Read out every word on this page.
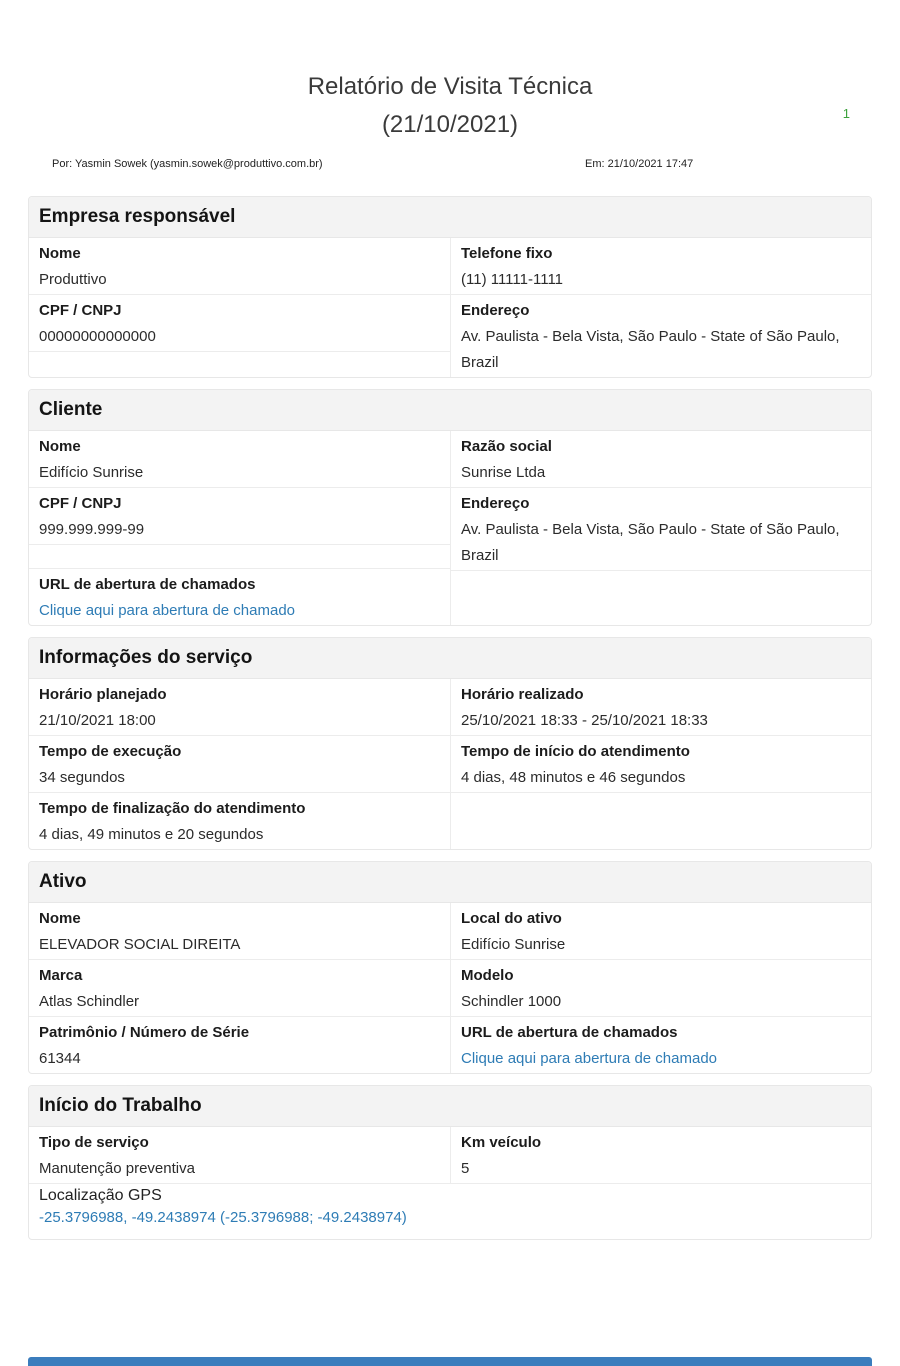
1
Relatório de Visita Técnica
(21/10/2021)
Por: Yasmin Sowek (yasmin.sowek@produttivo.com.br)	Em: 21/10/2021 17:47
Empresa responsável
Nome
Produttivo
CPF / CNPJ
00000000000000
Telefone fixo
(11) 11111-1111
Endereço
Av. Paulista - Bela Vista, São Paulo - State of São Paulo, Brazil
Cliente
Nome
Edifício Sunrise
CPF / CNPJ
999.999.999-99
URL de abertura de chamados
Clique aqui para abertura de chamado
Razão social
Sunrise Ltda
Endereço
Av. Paulista - Bela Vista, São Paulo - State of São Paulo, Brazil
Informações do serviço
Horário planejado
21/10/2021 18:00
Tempo de execução
34 segundos
Tempo de finalização do atendimento
4 dias, 49 minutos e 20 segundos
Horário realizado
25/10/2021 18:33 - 25/10/2021 18:33
Tempo de início do atendimento
4 dias, 48 minutos e 46 segundos
Ativo
Nome
ELEVADOR SOCIAL DIREITA
Marca
Atlas Schindler
Patrimônio / Número de Série
61344
Local do ativo
Edifício Sunrise
Modelo
Schindler 1000
URL de abertura de chamados
Clique aqui para abertura de chamado
Início do Trabalho
Tipo de serviço
Manutenção preventiva
Km veículo
5
Localização GPS
-25.3796988, -49.2438974 (-25.3796988; -49.2438974)
